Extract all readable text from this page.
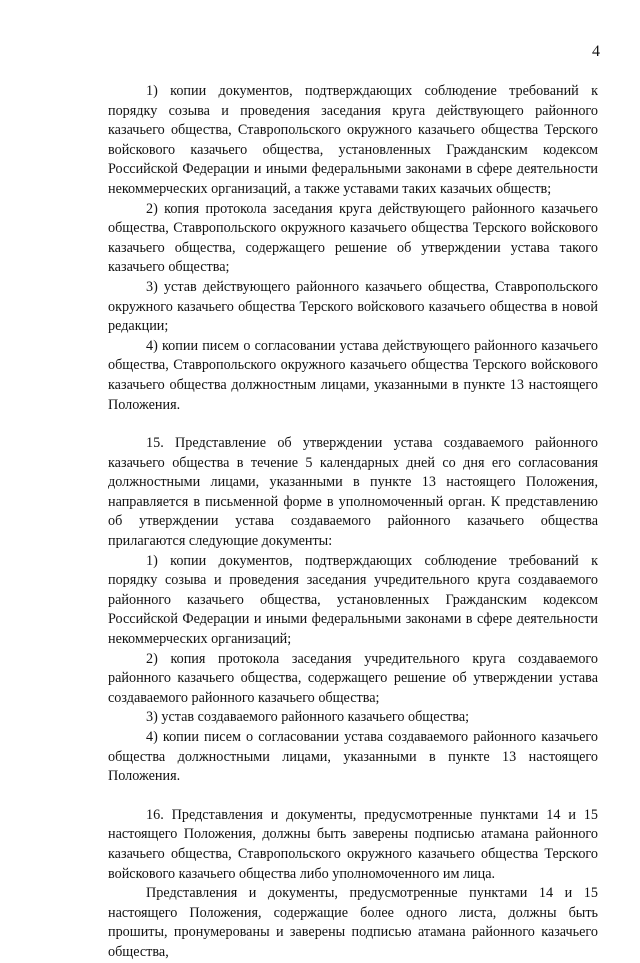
4

1) копии документов, подтверждающих соблюдение требований к порядку созыва и проведения заседания круга действующего районного казачьего общества, Ставропольского окружного казачьего общества Терского войскового казачьего общества, установленных Гражданским кодексом Российской Федерации и иными федеральными законами в сфере деятельности некоммерческих организаций, а также уставами таких казачьих обществ;

2) копия протокола заседания круга действующего районного казачьего общества, Ставропольского окружного казачьего общества Терского войскового казачьего общества, содержащего решение об утверждении устава такого казачьего общества;

3) устав действующего районного казачьего общества, Ставропольского окружного казачьего общества Терского войскового казачьего общества в новой редакции;

4) копии писем о согласовании устава действующего районного казачьего общества, Ставропольского окружного казачьего общества Терского войскового казачьего общества должностным лицами, указанными в пункте 13 настоящего Положения.

15. Представление об утверждении устава создаваемого районного казачьего общества в течение 5 календарных дней со дня его согласования должностными лицами, указанными в пункте 13 настоящего Положения, направляется в письменной форме в уполномоченный орган. К представлению об утверждении устава создаваемого районного казачьего общества прилагаются следующие документы:

1) копии документов, подтверждающих соблюдение требований к порядку созыва и проведения заседания учредительного круга создаваемого районного казачьего общества, установленных Гражданским кодексом Российской Федерации и иными федеральными законами в сфере деятельности некоммерческих организаций;

2) копия протокола заседания учредительного круга создаваемого районного казачьего общества, содержащего решение об утверждении устава создаваемого районного казачьего общества;

3) устав создаваемого районного казачьего общества;

4) копии писем о согласовании устава создаваемого районного казачьего общества должностными лицами, указанными в пункте 13 настоящего Положения.

16. Представления и документы, предусмотренные пунктами 14 и 15 настоящего Положения, должны быть заверены подписью атамана районного казачьего общества, Ставропольского окружного казачьего общества Терского войскового казачьего общества либо уполномоченного им лица.

Представления и документы, предусмотренные пунктами 14 и 15 настоящего Положения, содержащие более одного листа, должны быть прошиты, пронумерованы и заверены подписью атамана районного казачьего общества,
